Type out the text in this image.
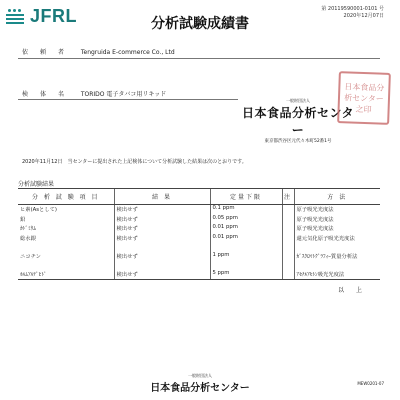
JFRL	分析試験成績書
第 20119590001-0101 号
2020年12月07日
依　頼　者 Tengruida E-commerce Co., Ltd
検　体　名 TORIDO 電子タバコ用リキッド
一般財団法人
日本食品分析センター
東京都渋谷区元代々木町52番1号
日本食品分析センター之印
2020年11月12日　当センターに提出された上記検体について分析試験した結果は次のとおりです。
分析試験結果
分 析 試 験 項 目	結 果	定量下限	注	方 法
ヒ素(Asとして)	検出せず	0.1 ppm		原子吸光光度法
鉛	検出せず	0.05 ppm		原子吸光光度法
ｶﾄﾞﾐｳﾑ	検出せず	0.01 ppm		原子吸光光度法
総水銀	検出せず	0.01 ppm		還元気化原子吸光光度法
ニコチン	検出せず	1 ppm		ｶﾞｽｸﾛﾏﾄｸﾞﾗﾌｨｰ質量分析法
ﾎﾙﾑｱﾙﾃﾞﾋﾄﾞ	検出せず	5 ppm		ｱｾﾁﾙｱｾﾄﾝ吸光光度法
以　上
一般財団法人
日本食品分析センター	MEW0201-07
